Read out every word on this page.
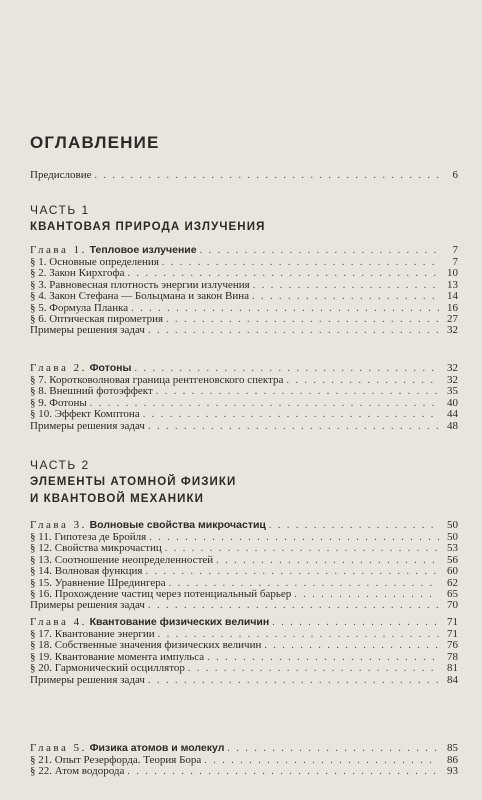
ОГЛАВЛЕНИЕ
Предисловие . . .	6
ЧАСТЬ 1
КВАНТОВАЯ ПРИРОДА ИЗЛУЧЕНИЯ
Глава 1. Тепловое излучение . . .	7
§ 1. Основные определения . . .	7
§ 2. Закон Кирхгофа . . .	10
§ 3. Равновесная плотность энергии излучения . . .	13
§ 4. Закон Стефана — Больцмана и закон Вина . . .	14
§ 5. Формула Планка . . .	16
§ 6. Оптическая пирометрия . . .	27
Примеры решения задач . . .	32
Глава 2. Фотоны . . .	32
§ 7. Коротковолновая граница рентгеновского спектра . . .	32
§ 8. Внешний фотоэффект . . .	35
§ 9. Фотоны . . .	40
§ 10. Эффект Комптона . . .	44
Примеры решения задач . . .	48
ЧАСТЬ 2
ЭЛЕМЕНТЫ АТОМНОЙ ФИЗИКИ
И КВАНТОВОЙ МЕХАНИКИ
Глава 3. Волновые свойства микрочастиц . . .	50
§ 11. Гипотеза де Бройля . . .	50
§ 12. Свойства микрочастиц . . .	53
§ 13. Соотношение неопределенностей . . .	56
§ 14. Волновая функция . . .	60
§ 15. Уравнение Шредингера . . .	62
§ 16. Прохождение частиц через потенциальный барьер . . .	65
Примеры решения задач . . .	70
Глава 4. Квантование физических величин . . .	71
§ 17. Квантование энергии . . .	71
§ 18. Собственные значения физических величин . . .	76
§ 19. Квантование момента импульса . . .	78
§ 20. Гармонический осциллятор . . .	81
Примеры решения задач . . .	84
Глава 5. Физика атомов и молекул . . .	85
§ 21. Опыт Резерфорда. Теория Бора . . .	86
§ 22. Атом водорода . . .	93
